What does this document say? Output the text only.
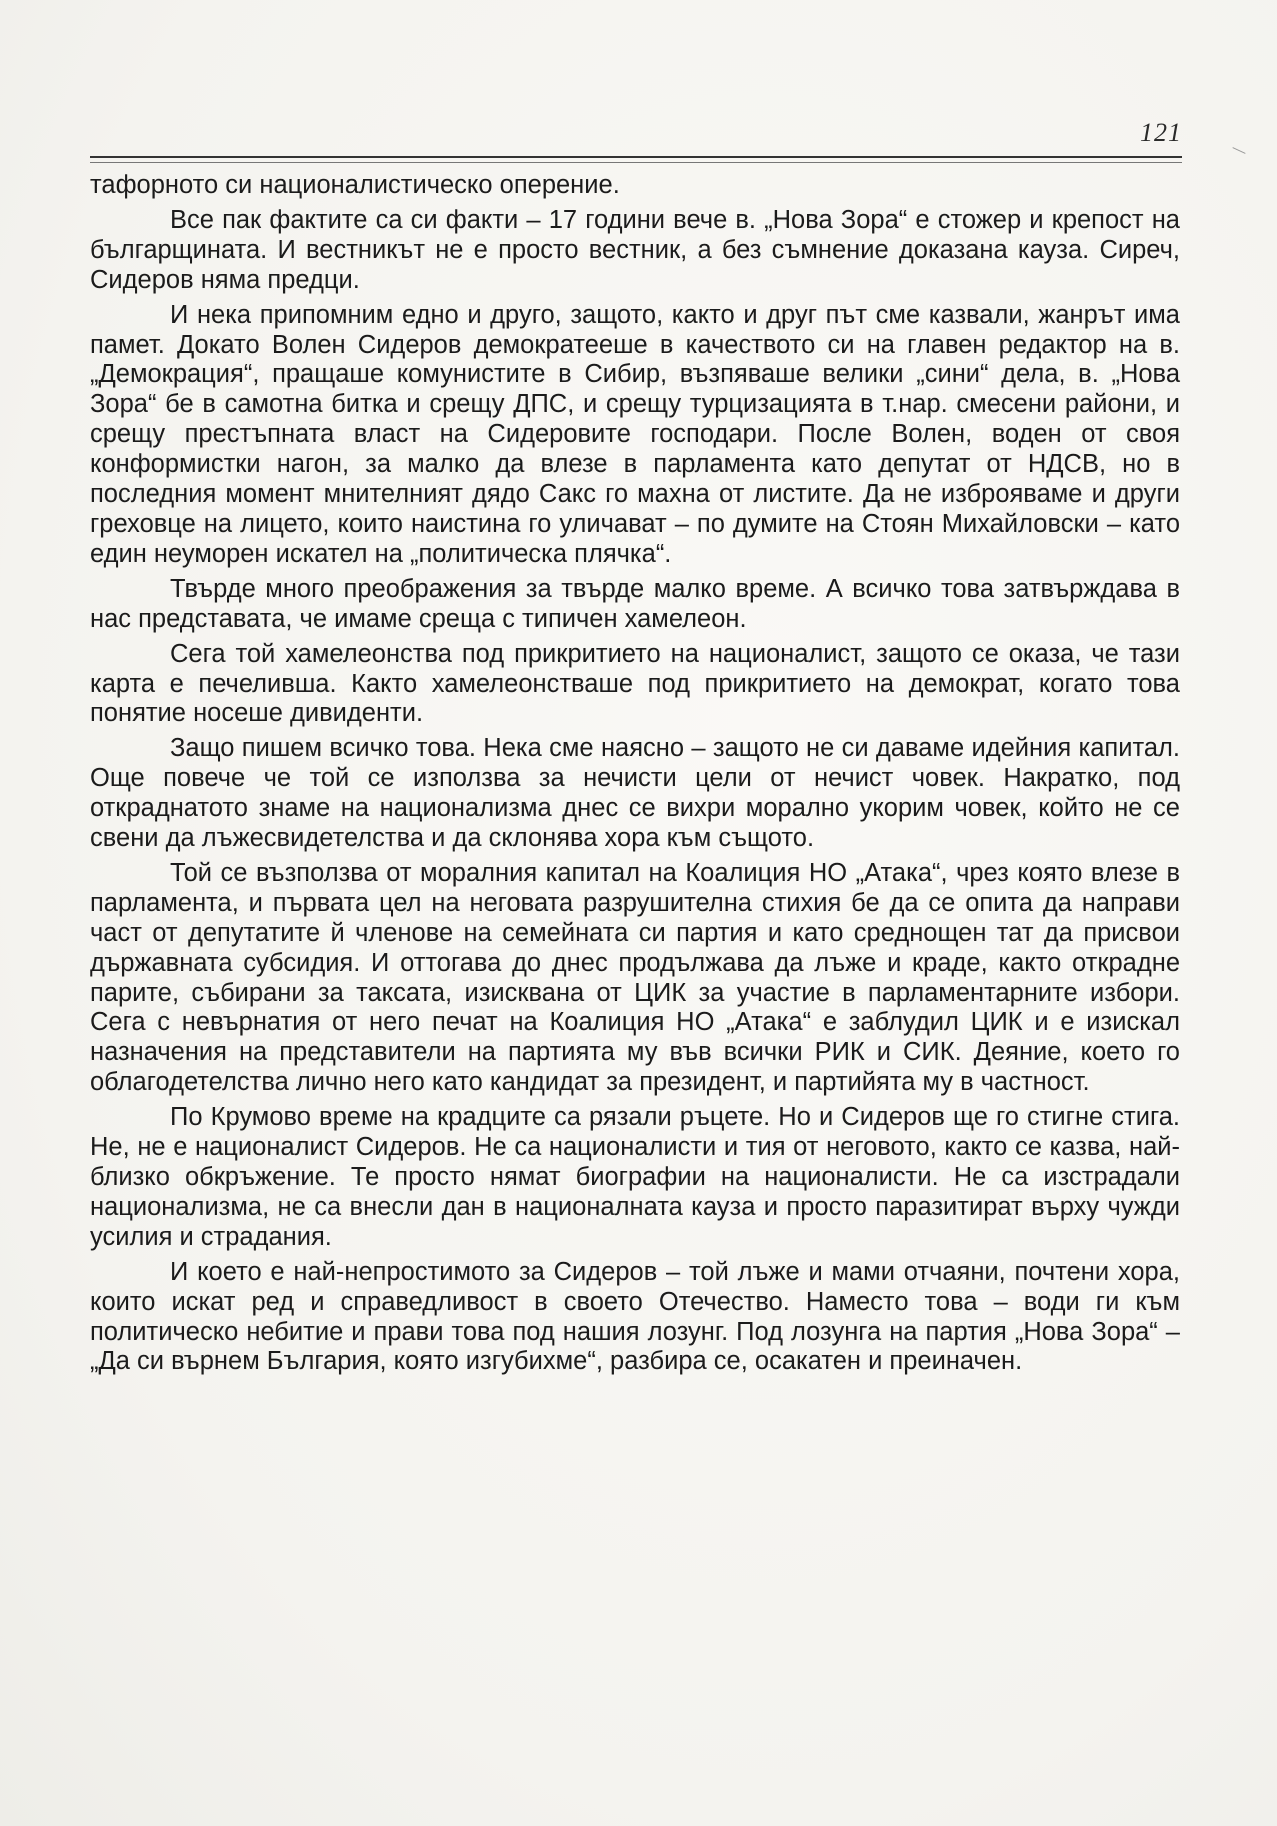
121

тафорното си националистическо оперение.

Все пак фактите са си факти – 17 години вече в. „Нова Зора“ е стожер и крепост на българщината. И вестникът не е просто вестник, а без съмнение доказана кауза. Сиреч, Сидеров няма предци.

И нека припомним едно и друго, защото, както и друг път сме казвали, жанрът има памет. Докато Волен Сидеров демократееше в качеството си на главен редактор на в. „Демокрация“, пращаше комунистите в Сибир, възпяваше велики „сини“ дела, в. „Нова Зора“ бе в самотна битка и срещу ДПС, и срещу турцизацията в т.нар. смесени райони, и срещу престъпната власт на Сидеровите господари. После Волен, воден от своя конформистки нагон, за малко да влезе в парламента като депутат от НДСВ, но в последния момент мнителният дядо Сакс го махна от листите. Да не изброяваме и други греховце на лицето, които наистина го уличават – по думите на Стоян Михайловски – като един неуморен искател на „политическа плячка“.

Твърде много преображения за твърде малко време. А всичко това затвърждава в нас представата, че имаме среща с типичен хамелеон.

Сега той хамелеонства под прикритието на националист, защото се оказа, че тази карта е печеливша. Както хамелеонстваше под прикритието на демократ, когато това понятие носеше дивиденти.

Защо пишем всичко това. Нека сме наясно – защото не си даваме идейния капитал. Още повече че той се използва за нечисти цели от нечист човек. Накратко, под откраднатото знаме на национализма днес се вихри морално укорим човек, който не се свени да лъжесвидетелства и да склонява хора към същото.

Той се възползва от моралния капитал на Коалиция НО „Атака“, чрез която влезе в парламента, и първата цел на неговата разрушителна стихия бе да се опита да направи част от депутатите й членове на семейната си партия и като среднощен тат да присвои държавната субсидия. И оттогава до днес продължава да лъже и краде, както открадне парите, събирани за таксата, изисквана от ЦИК за участие в парламентарните избори. Сега с невърнатия от него печат на Коалиция НО „Атака“ е заблудил ЦИК и е изискал назначения на представители на партията му във всички РИК и СИК. Деяние, което го облагодетелства лично него като кандидат за президент, и партийята му в частност.

По Крумово време на крадците са рязали ръцете. Но и Сидеров ще го стигне стига. Не, не е националист Сидеров. Не са националисти и тия от неговото, както се казва, най-близко обкръжение. Те просто нямат биографии на националисти. Не са изстрадали национализма, не са внесли дан в националната кауза и просто паразитират върху чужди усилия и страдания.

И което е най-непростимото за Сидеров – той лъже и мами отчаяни, почтени хора, които искат ред и справедливост в своето Отечество. Наместо това – води ги към политическо небитие и прави това под нашия лозунг. Под лозунга на партия „Нова Зора“ – „Да си върнем България, която изгубихме“, разбира се, осакатен и преиначен.
